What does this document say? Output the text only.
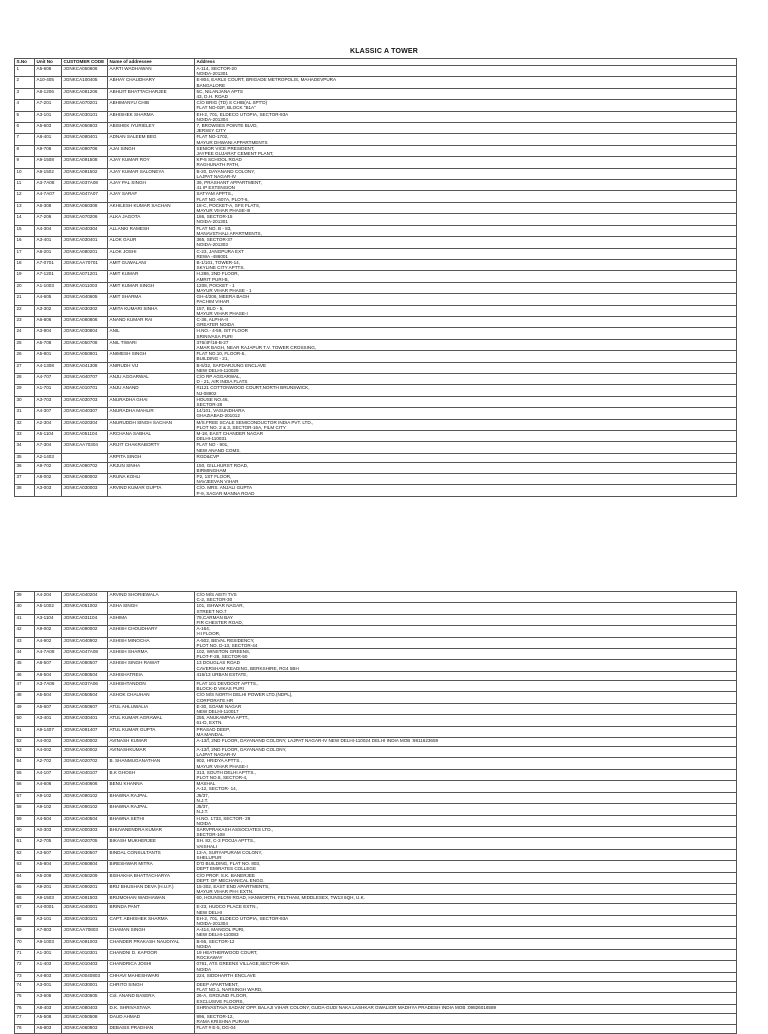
KLASSIC A TOWER
S.No	Unit No	CUSTOMER CODE	Name of addressee	Address
1	A5-606	JGNKCA050606	AARTI WADHAWAN	A-114, SECTOR-20
NOIDA-201301

2	A10-405	JGNKCA100405	ABHAY CHAUDHARY	E-804, EARLS COURT, BRIGADE METROPOLIS, MAHADEVPURA
BANGALORE

3	A8-1206	JGNKCA081206	ABHIJIT BHATTACHARJEE	5C, NILANJANA APTS
43, D.H. ROAD

4	A7-201	JGNKCA070201	ABHIMANYU CHIB	C/O BRIG (TD) S CHIB(AL SPT'D)
FLAT NO-02F, BLOCK "B1A"

5	A3-101	JGNKCA030101	ABHISHEK SHARMA	EH-2, 701, ELDECO UTOPIA, SECTOR-93A
NOIDA-201304

6	A5-603	JGNKCA050603	ABISHEK IYURIELEY	7, BROWSES POINTE BLVD,
JERSEY CITY

7	A8-401	JGNKCA080401	ADNAN SALEEM BEG	FLAT NO-1702,
MAYUR DHWANI APPARTMENTS

8	A9-706	JGNKCA090706	AJAI SINGH	SENIOR VICE PRESIDENT,
JAYPEE GUJARAT CEMENT PLANT,

9	A9-1508	JGNKCA091508	AJAY KUMAR ROY	KP-5 SCHOOL ROAD
RAGHUNATH PATH,

10	A9-1502	JGNKCA091502	AJAY KUMAR SALONEYA	B-20, DAYANAND COLONY,
LAJPAT NAGAR-IV

11	A3-7A08	JGNKCA037A08	AJAY PAL SINGH	39, PRASHANT APPARTMENT,
41 IP EXTENSION

12	A4-7A07	JGNKCA047A07	AJAY SARAF	SATYAM APPTS.,
FLAT NO.-607A, PLOT-6,

13	A6-308	JGNKCA060308	AKHILESH KUMAR SACHAN	18-C, POCKET-A, SFS FLATS,
MAYUR VIHAR PHASE-III

14	A7-206	JGNKCA070206	ALKA JAGOTA	186, SECTOR-15
NOIDA-201301

15	A4-304	JGNKCA040304	ALLANKI RAMESH	FLAT NO. B - 83,
MANAVSTHALI APARTMENTS,

16	A3-401	JGNKCA030401	ALOK GAUR	365, SECTOR-37
NOIDA-201303

17	A8-201	JGNKCA080201	ALOK JOSHI	C-23, JANGPURA EXT
REWA -486001

18	A7-0701	JGNKCAA70701	AMIT GUWALANI	B-1/101, TOWER-14,
SKYLINE CITY APTTS.

19	A7-1201	JGNKCA071201	AMIT KUMAR	H.286, 2ND FLOOR,
AMRIT PURI-B,

20	A1-1003	JGNKCA011003	AMIT KUMAR SINGH	1208, POCKET - 1
MAYUR VIHAR PHASE - 1

21	A4-605	JGNKCA040605	AMIT SHARMA	GH-4/206, MEERA BAGH
PACHIM VIHAR

22	A3-302	JGNKCA030302	AMITA KUMARI SINHA	157, BLD - 5,
MAYUR VIHAR PHASE-I

23	A6-806	JGNKCA060806	ANAND KUMAR RAI	C-36, ALPHA-II
GREATER NOIDA

24	A3-804	JGNKCA030804	ANIL	H.NO.- 4-59, IST FLOOR
SRINIVASA PURI

25	A5-708	JGNKCA050708	ANIL TIWARI	376/4F/18-B-27
AMAR BAGH, NEAR RAJAPUR T.V. TOWER CROSSING,

26	A5-801	JGNKCA050801	ANIMESH SINGH	FLAT NO.10, FLOOR-5,
BUILDING - 21,

27	A4-1308	JGNKCA041308	ANIRUDH VIJ	B-5/32, SAFDARJUNG ENCLAVE
NEW DELHI-110029

28	A4-707	JGNKCA040707	ANJU AGGARWAL	C/O RP AGGARWAL,
D - 21, AIR INDIA FLATS

29	A1-701	JGNKCA010701	ANJU ANAND	#1121 COTTONWOOD COURT,NORTH BRUNSWICK,
NJ-08902

30	A3-703	JGNKCA030703	ANURADHA GHAI	HOUSE NO.46,
SECTOR-28

31	A4-307	JGNKCA040307	ANURADHA MAHLIR	14/101, VASUNDHARA
GHAZIABAD-201012

32	A2-304	JGNKCA020304	ANURUDDH SINGH SACHAN	M/S.FREE SCALE SEMICONDUCTOR INDIA PVT. LTD.,
PLOT NO. 2 & 3, SECTOR-16A, FILM CITY

33	A5-1104	JGNKCA051104	ARCHANA SABHAL	M-18, EAST CHANDER NAGAR
DELHI-110031

34	A7-304	JGNKCAA70304	ARIJIT CHAKRABORTY	FLAT NO - 901,
NEW ANAND COMS.

35	A2-1403		ARPITA SINGH	RGD&CVP

36	A9-702	JGNKCA090702	ARJUN SINHA	150, GILLHURST ROAD,
BIRMINGHAM

37	A8-002	JGNKCA080002	ARUNA KOHLI	P2, 1ST FLOOR,
NAVJEEVAN VIHAR

38	A3-003	JGNKCA030003	ARVIND KUMAR GUPTA	C/O. MRS. ANJALI GUPTA
P-9, SAGAR MANNA ROAD
39	A4-204	JGNKCA040204	ARVIND SHORIEWALA	C/O M/S AEITI TVS
C-2, SECTOR-30

40	A5-1002	JGNKCA051002	ASHA SINGH	101, ISHWAR NAGAR,
STREET NO.7

41	A3-1104	JGNKCA031104	ASHIMA	79,CARMAN BAY
FIR CHESTER ROAD,

42	A9-002	JGNKCA090002	ASHISH CHOUDHARY	A-164,
I-II FLOOR,

43	A4-902	JGNKCA040902	ASHISH MINOCHA	A-502, BEVAL RESIDENCY,
PLOT NO. D-13, SECTOR-44

44	A4-7A08	JGNKCA047A08	ASHISH SHARMA	102, WINSTON GREENS,
PLOT-F-28, SECTOR-50

45	A8-507	JGNKCA080507	ASHISH SINGH RAWAT	13 DOUGLAS ROAD
CAVERSHAM READING, BERKSHIRE, RG4 5BH

46	A8-504	JGNKCA080504	ASHISHATREIA	416/13 URBAN ESTATE,

47	A3-7A06	JGNKCA037A06	ASHISHTANDON	FLAT 101 DEVDOOT APTTS.,
BLOCK-D VIKAS PURI

48	A5-504	JGNKCA050504	ASHOK CHAUHAN	C/O M/S NORTH DELHI POWER LTD.(NDPL),
CORPORATE HR

49	A5-607	JGNKCA050607	ATUL AHLUWALIA	E-30, SOAMI NAGAR
NEW DELHI-110017

50	A3-401	JGNKCA030401	ATUL KUMAR AGRAWAL	255, ANUKAMPAA APTT.,
61-D, EXTN.

51	A9-1407	JGNKCA091407	ATUL KUMAR GUPTA	PRASAD DEEP,
MA MANDAL

52	A4-002	JGNKCA040002	AVINASH KUMAR	A-13/f, 2ND FLOOR, DAYANAND COLONY, LAJPAT NAGAR-IV NEW DELHI-110024 DELHI INDIA MOB :9811623659

53	A4-002	JGNKCA040002	AVINASHKUMAR	A-13/f, 2ND FLOOR, DAYANAND COLONY,
LAJPAT NAGAR-IV

54	A2-702	JGNKCA020702	B. SHANMUGANATHAN	902, HRIDYA APTTS.,
MAYUR VIHAR PHASE-I

55	A4-107	JGNKCA040107	B.K GHOSH	313, SOUTH DELHI APTTS.,
PLOT NO.8, SECTOR-4,

56	A4-606	JGNKCA040606	BENU KHANNA	MASHAL
A-12, SECTOR- 14,

57	A9-102	JGNKCA090102	BHAWNA RAJPAL	J5/37,
N.J.T.

58	A9-102	JGNKCA090102	BHAWNA RAJPAL	J5/37,
N.J.T.

59	A4-504	JGNKCA040504	BHAWNA SETHI	H.NO. 1733, SECTOR- 29
NOIDA

60	A0-303	JGNKCA000303	BHUVANENDRA KUMAR	SARVPRAKASH ASSOCIATES LTD.,
SECTOR-108

61	A2-705	JGNKCA020705	BIKASH MUKHERJEE	SH. 82, C-3 POOJA APTTS.,
VAISHALI

62	A3-507	JGNKCA030507	BINDAL CONSULTANTS	13-A, SURYAPURAM COLONY,
SHELUPUR

63	A5-804	JGNKCA050804	BIRESHWAR MITRA	D'O BUILDING, FLAT NO. 803,
DEPT EMIRATES COLLEGE

64	A5-209	JGNKCA050209	BISHAKHA BHATTACHARYA	C/O PROF. S.K. BANERJEE
DEPT. OF MECHANICAL ENGG.

65	A9-201	JGNKCA090201	BRIJ BHUSHAN DEVA (H.U.F.)	15-302, EAST END APARTMENTS,
MAYUR VIHAR PH-I EXTN.

66	A9-1503	JGNKCA091503	BRIJMOHAN WADHAWAN	60, HOUNSLOW ROAD, HANWORTH, FELTHAM, MIDDLESEX, TW13 6QH, U.K.

67	A4-0001	JGNKCA040001	BRINDA PANT	E-23, HUDCO PLACE EXTN.,
NEW DELHI

68	A3-101	JGNKCA030101	CAPT. ABHISHEK SHARMA	EH-2, 701, ELDECO UTOPIA, SECTOR-93A
NOIDA-201304

69	A7-803	JGNKCAA70803	CHAMAN SINGH	A-414, MANGOL PURI,
NEW DELHI-110083

70	A9-1003	JGNKCA091003	CHANDER PRAKASH NAUDIYAL	B-55, SECTOR-12
NOIDA

71	A1-301	JGNKCA010301	CHANDNI D. KAPOOR	19 HEATHERWOOD COURT,
ROCKAWAY

72	A1-403	JGNKCA010403	CHANDRICA JOSHI	0761, ATS GREENS VILLAGE,SECTOR-93A
NOIDA

73	A4-803	JGNKCA0040803	CHHAVI MAHESHWARI	224, SIDDHARTH ENCLAVE

74	A3-001	JGNKCA030001	CHRITO SINGH	DEEP APARTMENT,
FLAT NO.1, NARSINGH WARD,

75	A3-605	JGNKCA030605	Col. ANAND BASERA	26-A, GROUND FLOOR,
EXCLUSIVE FLOORS,

76	A8-403	JGNKCA080403	D.K. SHRIVASTAVA	SHRIVASTAVA SADAN' OPP. BALAJI VIHAR COLONY, GUDA-GUDI NAKA LASHKAR GWALIOR MADHYA PRADESH INDIA MOB :09826016589

77	A5-508	JGNKCA050508	DAUD AHMAD	896, SECTOR-12,
RAMA KRISHNA PURAM

78	A6-803	JGNKCA060803	DEBASIS PRADHAN	FLAT # E-5, DG-04
